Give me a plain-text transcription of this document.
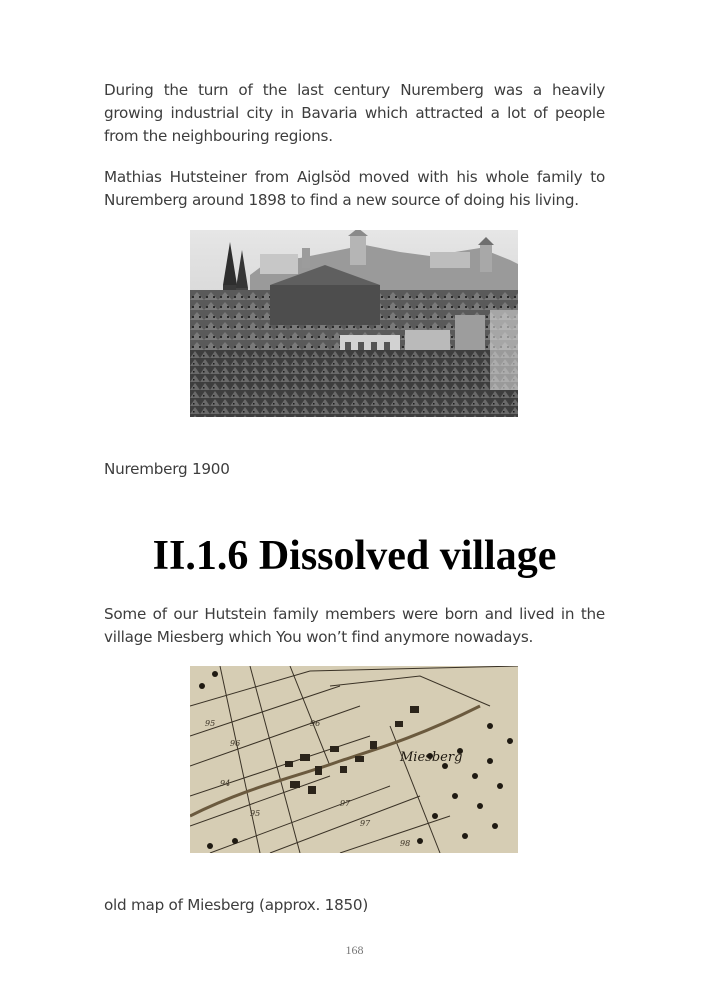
During the turn of the last century Nuremberg was a heavily growing industrial city in Bavaria which attracted a lot of people from the neighbouring regions.

Mathias Hutsteiner from Aiglsöd moved with his whole family to Nuremberg around 1898 to find a new source of doing his living.

Nuremberg 1900

II.1.6 Dissolved village

Some of our Hutstein family members were born and lived in the village Miesberg which You won’t find anymore nowadays.

95
96
94
95
97
98
97
96
Miesberg

old map of Miesberg (approx. 1850)

168
